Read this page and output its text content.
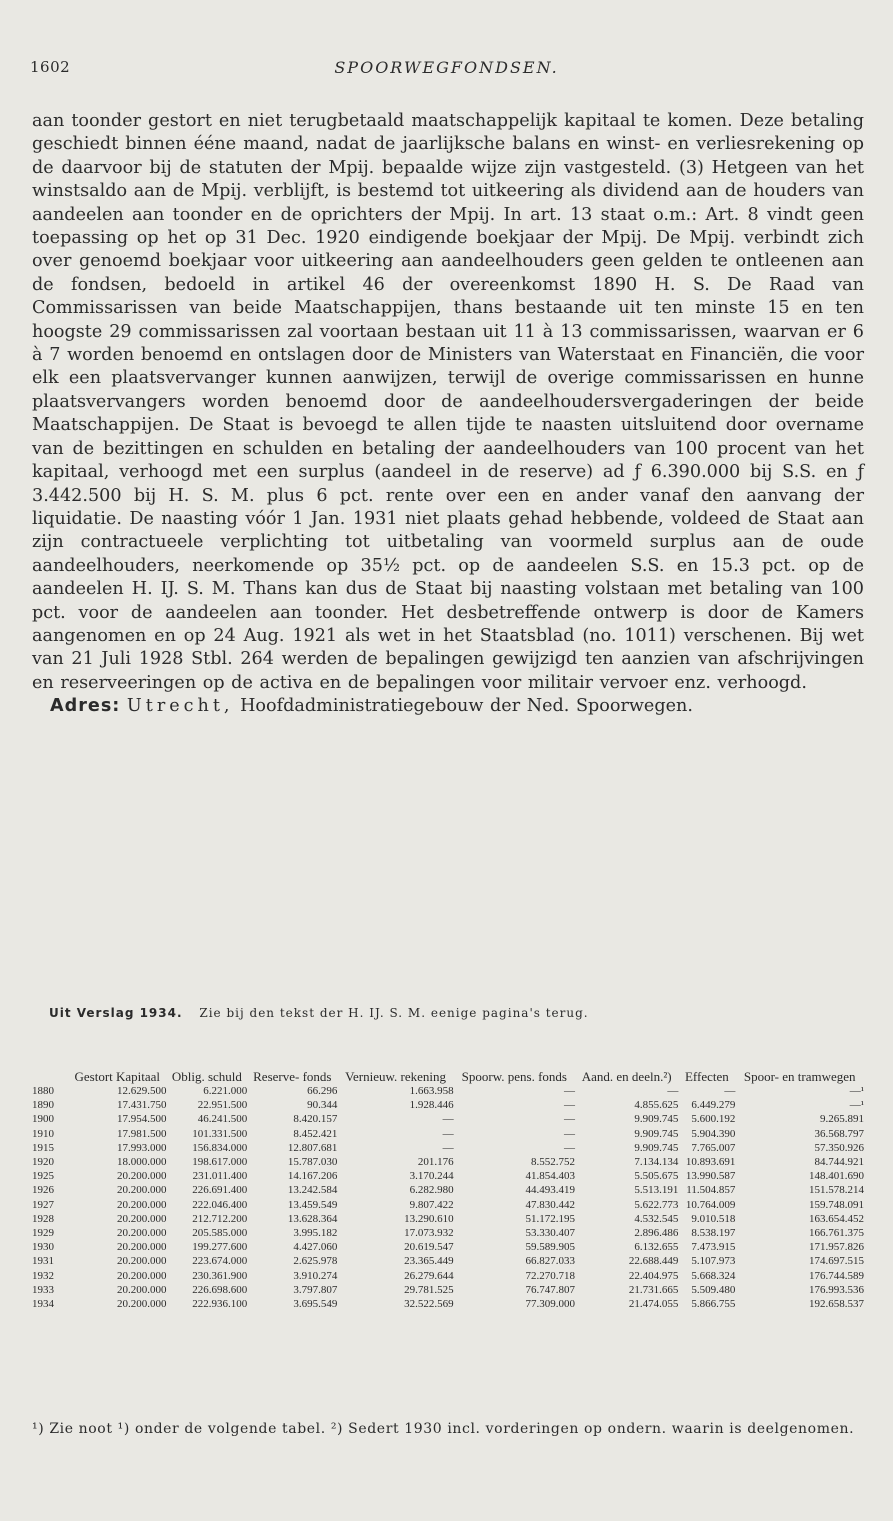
1602	SPOORWEGFONDSEN.

aan toonder gestort en niet terugbetaald maatschappelijk kapitaal te komen. Deze betaling geschiedt binnen ééne maand, nadat de jaarlijksche balans en winst- en verliesrekening op de daarvoor bij de statuten der Mpij. bepaalde wijze zijn vastgesteld. (3) Hetgeen van het winstsaldo aan de Mpij. verblijft, is bestemd tot uitkeering als dividend aan de houders van aandeelen aan toonder en de oprichters der Mpij. In art. 13 staat o.m.: Art. 8 vindt geen toepassing op het op 31 Dec. 1920 eindigende boekjaar der Mpij. De Mpij. verbindt zich over genoemd boekjaar voor uitkeering aan aandeelhouders geen gelden te ontleenen aan de fondsen, bedoeld in artikel 46 der overeenkomst 1890 H. S. De Raad van Commissarissen van beide Maatschappijen, thans bestaande uit ten minste 15 en ten hoogste 29 commissarissen zal voortaan bestaan uit 11 à 13 commissarissen, waarvan er 6 à 7 worden benoemd en ontslagen door de Ministers van Waterstaat en Financiën, die voor elk een plaatsvervanger kunnen aanwijzen, terwijl de overige commissarissen en hunne plaatsvervangers worden benoemd door de aandeelhoudersvergaderingen der beide Maatschappijen. De Staat is bevoegd te allen tijde te naasten uitsluitend door overname van de bezittingen en schulden en betaling der aandeelhouders van 100 procent van het kapitaal, verhoogd met een surplus (aandeel in de reserve) ad ƒ 6.390.000 bij S.S. en ƒ 3.442.500 bij H. S. M. plus 6 pct. rente over een en ander vanaf den aanvang der liquidatie. De naasting vóór 1 Jan. 1931 niet plaats gehad hebbende, voldeed de Staat aan zijn contractueele verplichting tot uitbetaling van voormeld surplus aan de oude aandeelhouders, neerkomende op 35½ pct. op de aandeelen S.S. en 15.3 pct. op de aandeelen H. IJ. S. M. Thans kan dus de Staat bij naasting volstaan met betaling van 100 pct. voor de aandeelen aan toonder. Het desbetreffende ontwerp is door de Kamers aangenomen en op 24 Aug. 1921 als wet in het Staatsblad (no. 1011) verschenen. Bij wet van 21 Juli 1928 Stbl. 264 werden de bepalingen gewijzigd ten aanzien van afschrijvingen en reserveeringen op de activa en de bepalingen voor militair vervoer enz. verhoogd.

Adres: Utrecht, Hoofdadministratiegebouw der Ned. Spoorwegen.

Uit Verslag 1934. Zie bij den tekst der H. IJ. S. M. eenige pagina's terug.
	Gestort Kapitaal	Oblig. schuld	Reserve- fonds	Vernieuw. rekening	Spoorw. pens. fonds	Aand. en deeln.²)	Effecten	Spoor- en tramwegen
1880	12.629.500	6.221.000	66.296	1.663.958	—	—	—	—¹
1890	17.431.750	22.951.500	90.344	1.928.446	—	4.855.625	6.449.279	—¹
1900	17.954.500	46.241.500	8.420.157	—	—	9.909.745	5.600.192	9.265.891
1910	17.981.500	101.331.500	8.452.421	—	—	9.909.745	5.904.390	36.568.797
1915	17.993.000	156.834.000	12.807.681	—	—	9.909.745	7.765.007	57.350.926
1920	18.000.000	198.617.000	15.787.030	201.176	8.552.752	7.134.134	10.893.691	84.744.921
1925	20.200.000	231.011.400	14.167.206	3.170.244	41.854.403	5.505.675	13.990.587	148.401.690
1926	20.200.000	226.691.400	13.242.584	6.282.980	44.493.419	5.513.191	11.504.857	151.578.214
1927	20.200.000	222.046.400	13.459.549	9.807.422	47.830.442	5.622.773	10.764.009	159.748.091
1928	20.200.000	212.712.200	13.628.364	13.290.610	51.172.195	4.532.545	9.010.518	163.654.452
1929	20.200.000	205.585.000	3.995.182	17.073.932	53.330.407	2.896.486	8.538.197	166.761.375
1930	20.200.000	199.277.600	4.427.060	20.619.547	59.589.905	6.132.655	7.473.915	171.957.826
1931	20.200.000	223.674.000	2.625.978	23.365.449	66.827.033	22.688.449	5.107.973	174.697.515
1932	20.200.000	230.361.900	3.910.274	26.279.644	72.270.718	22.404.975	5.668.324	176.744.589
1933	20.200.000	226.698.600	3.797.807	29.781.525	76.747.807	21.731.665	5.509.480	176.993.536
1934	20.200.000	222.936.100	3.695.549	32.522.569	77.309.000	21.474.055	5.866.755	192.658.537
¹) Zie noot ¹) onder de volgende tabel. ²) Sedert 1930 incl. vorderingen op ondern. waarin is deelgenomen.
